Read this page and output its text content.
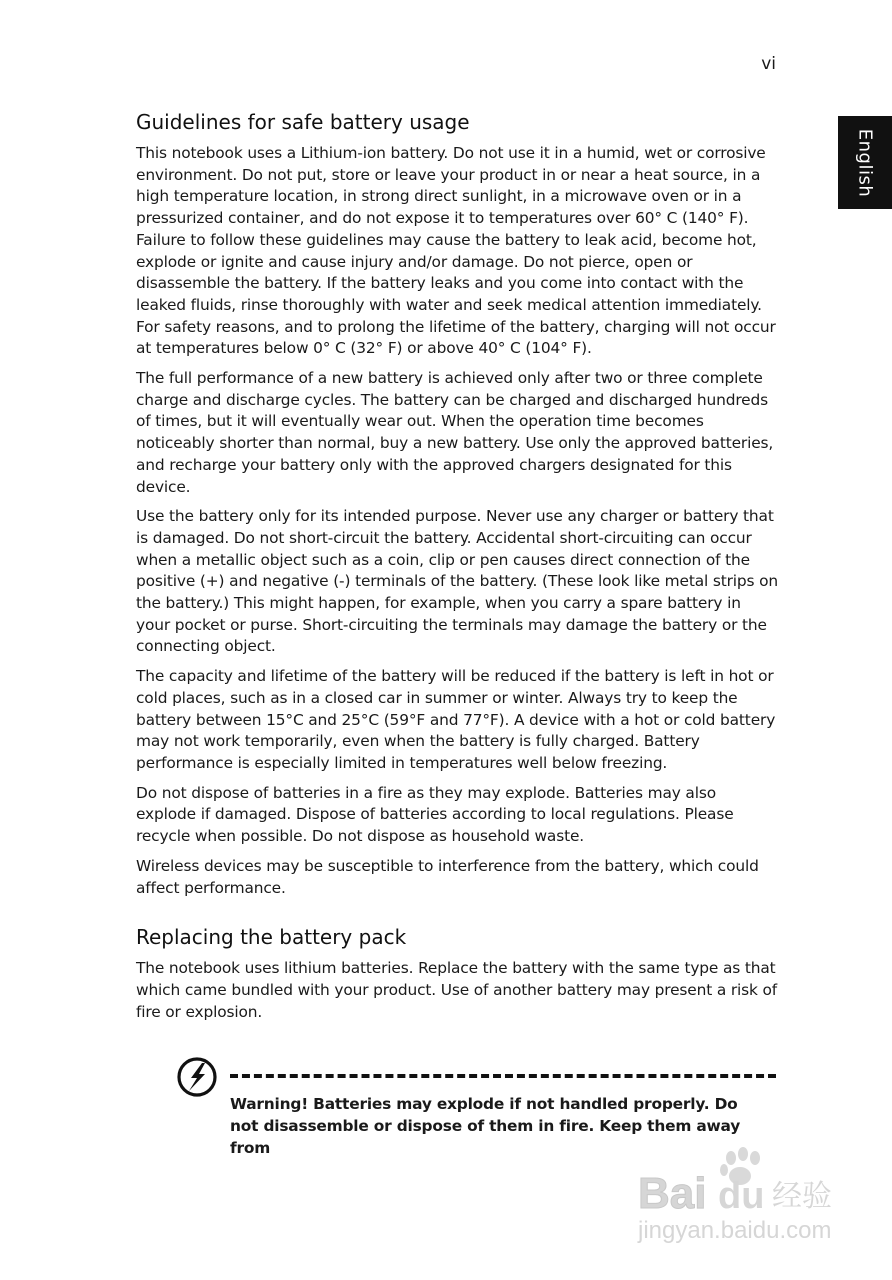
vi
English
Guidelines for safe battery usage

This notebook uses a Lithium-ion battery. Do not use it in a humid, wet or corrosive environment. Do not put, store or leave your product in or near a heat source, in a high temperature location, in strong direct sunlight, in a microwave oven or in a pressurized container, and do not expose it to temperatures over 60° C (140° F). Failure to follow these guidelines may cause the battery to leak acid, become hot, explode or ignite and cause injury and/or damage. Do not pierce, open or disassemble the battery. If the battery leaks and you come into contact with the leaked fluids, rinse thoroughly with water and seek medical attention immediately. For safety reasons, and to prolong the lifetime of the battery, charging will not occur at temperatures below 0° C (32° F) or above 40° C (104° F).

The full performance of a new battery is achieved only after two or three complete charge and discharge cycles. The battery can be charged and discharged hundreds of times, but it will eventually wear out. When the operation time becomes noticeably shorter than normal, buy a new battery. Use only the approved batteries, and recharge your battery only with the approved chargers designated for this device.

Use the battery only for its intended purpose. Never use any charger or battery that is damaged. Do not short-circuit the battery. Accidental short-circuiting can occur when a metallic object such as a coin, clip or pen causes direct connection of the positive (+) and negative (-) terminals of the battery. (These look like metal strips on the battery.) This might happen, for example, when you carry a spare battery in your pocket or purse. Short-circuiting the terminals may damage the battery or the connecting object.

The capacity and lifetime of the battery will be reduced if the battery is left in hot or cold places, such as in a closed car in summer or winter. Always try to keep the battery between 15°C and 25°C (59°F and 77°F). A device with a hot or cold battery may not work temporarily, even when the battery is fully charged. Battery performance is especially limited in temperatures well below freezing.

Do not dispose of batteries in a fire as they may explode. Batteries may also explode if damaged. Dispose of batteries according to local regulations. Please recycle when possible. Do not dispose as household waste.

Wireless devices may be susceptible to interference from the battery, which could affect performance.

Replacing the battery pack

The notebook uses lithium batteries. Replace the battery with the same type as that which came bundled with your product. Use of another battery may present a risk of fire or explosion.

Warning! Batteries may explode if not handled properly. Do not disassemble or dispose of them in fire. Keep them away from

Bai du 经验
jingyan.baidu.com
